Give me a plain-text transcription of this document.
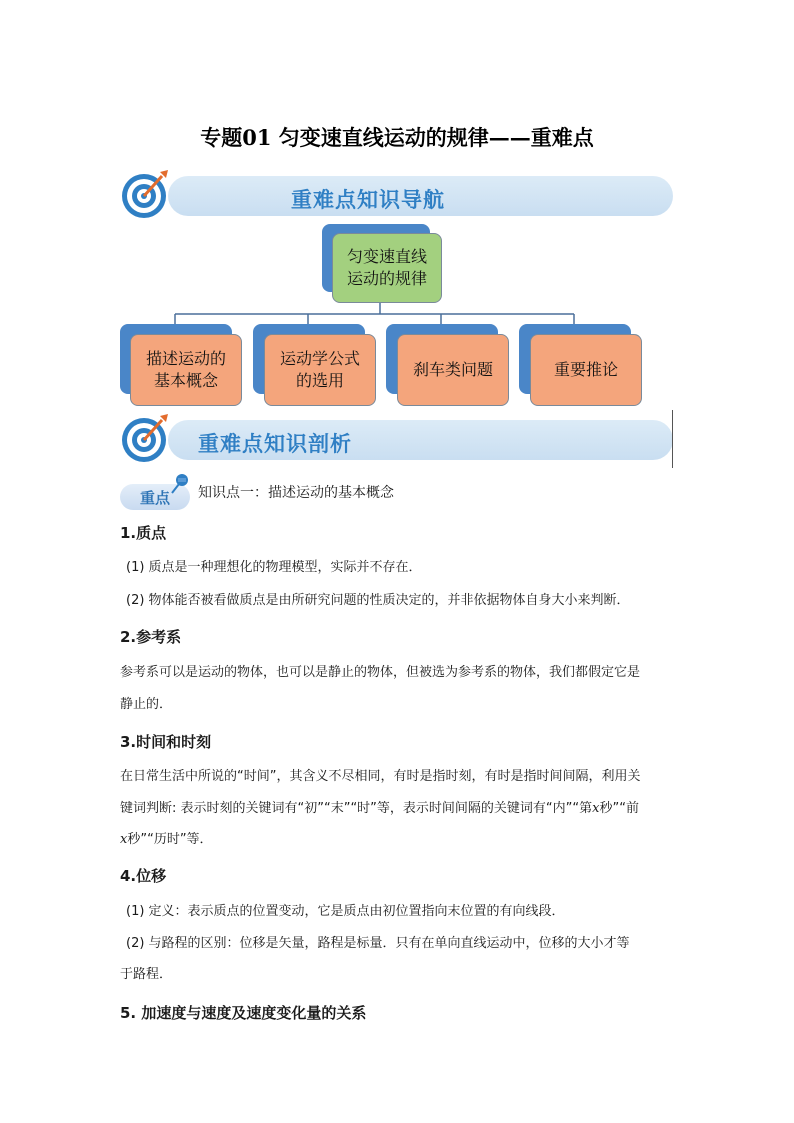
专题01 匀变速直线运动的规律——重难点
重难点知识导航
匀变速直线
运动的规律
描述运动的
基本概念
运动学公式
的选用
刹车类问题	重要推论
重难点知识剖析
重点	知识点一：描述运动的基本概念
1.质点
(1) 质点是一种理想化的物理模型，实际并不存在．
(2) 物体能否被看做质点是由所研究问题的性质决定的，并非依据物体自身大小来判断．
2.参考系
参考系可以是运动的物体，也可以是静止的物体，但被选为参考系的物体，我们都假定它是
静止的．
3.时间和时刻
在日常生活中所说的“时间”，其含义不尽相同，有时是指时刻，有时是指时间间隔，利用关
键词判断: 表示时刻的关键词有“初”“末”“时”等，表示时间间隔的关键词有“内”“第x秒”“前
x秒”“历时”等．
4.位移
(1) 定义：表示质点的位置变动，它是质点由初位置指向末位置的有向线段．
(2) 与路程的区别：位移是矢量，路程是标量．只有在单向直线运动中，位移的大小才等
于路程．
5. 加速度与速度及速度变化量的关系
